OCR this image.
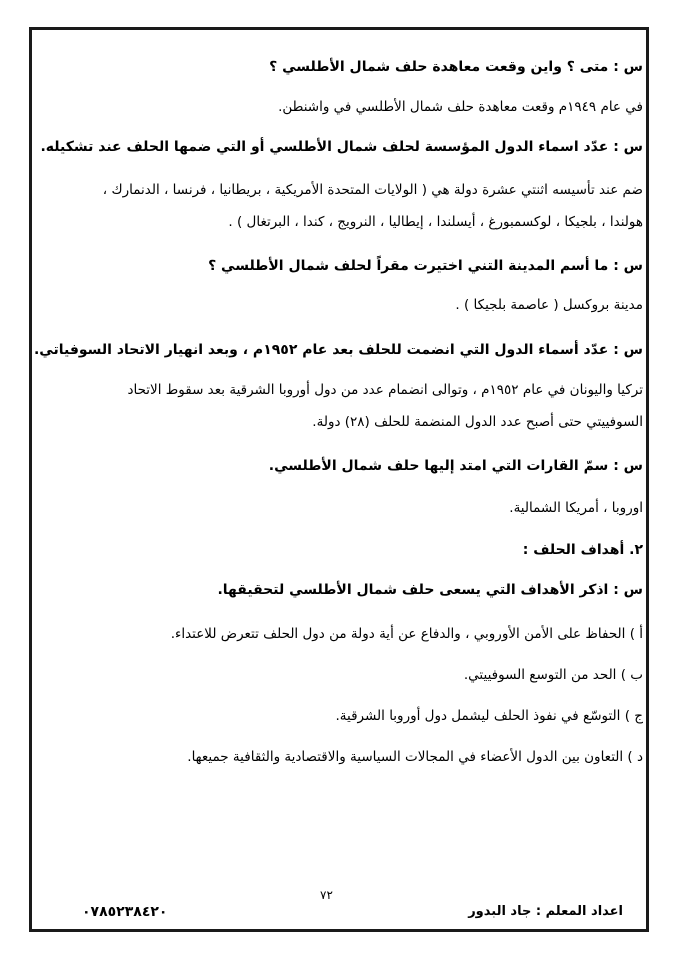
س : متى ؟ واين وقعت معاهدة حلف شمال الأطلسي ؟
في عام ١٩٤٩م وقعت معاهدة حلف شمال الأطلسي في واشنطن.
س : عدّد اسماء الدول المؤسسة لحلف شمال الأطلسي أو التي ضمها الحلف عند تشكيله.
ضم عند تأسيسه اثنتي عشرة دولة هي ( الولايات المتحدة الأمريكية ، بريطانيا ، فرنسا ، الدنمارك ،
هولندا ، بلجيكا ، لوكسمبورغ ، أيسلندا ، إيطاليا ، النرويج ، كندا ، البرتغال ) .
س : ما أسم المدينة التني اختيرت مقراً لحلف شمال الأطلسي ؟
مدينة بروكسل ( عاصمة بلجيكا ) .
س : عدّد أسماء الدول التي انضمت للحلف بعد عام ١٩٥٢م ، وبعد انهيار الاتحاد السوفياتي.
تركيا واليونان في عام ١٩٥٢م ، وتوالى انضمام عدد من دول أوروبا الشرقية بعد سقوط الاتحاد
السوفييتي حتى أصبح عدد الدول المنضمة للحلف (٢٨) دولة.
س : سمّ القارات التي امتد إليها حلف شمال الأطلسي.
اوروبا ، أمريكا الشمالية.
٢. أهداف الحلف :
س : اذكر الأهداف التي يسعى حلف شمال الأطلسي لتحقيقها.
أ ) الحفاظ على الأمن الأوروبي ، والدفاع عن أية دولة من دول الحلف تتعرض للاعتداء.
ب ) الحد من التوسع السوفييتي.
ج ) التوسّع في نفوذ الحلف ليشمل دول أوروبا الشرقية.
د ) التعاون بين الدول الأعضاء في المجالات السياسية والاقتصادية والثقافية جميعها.
٧٢
٠٧٨٥٢٣٨٤٢٠	اعداد المعلم : جاد البدور
